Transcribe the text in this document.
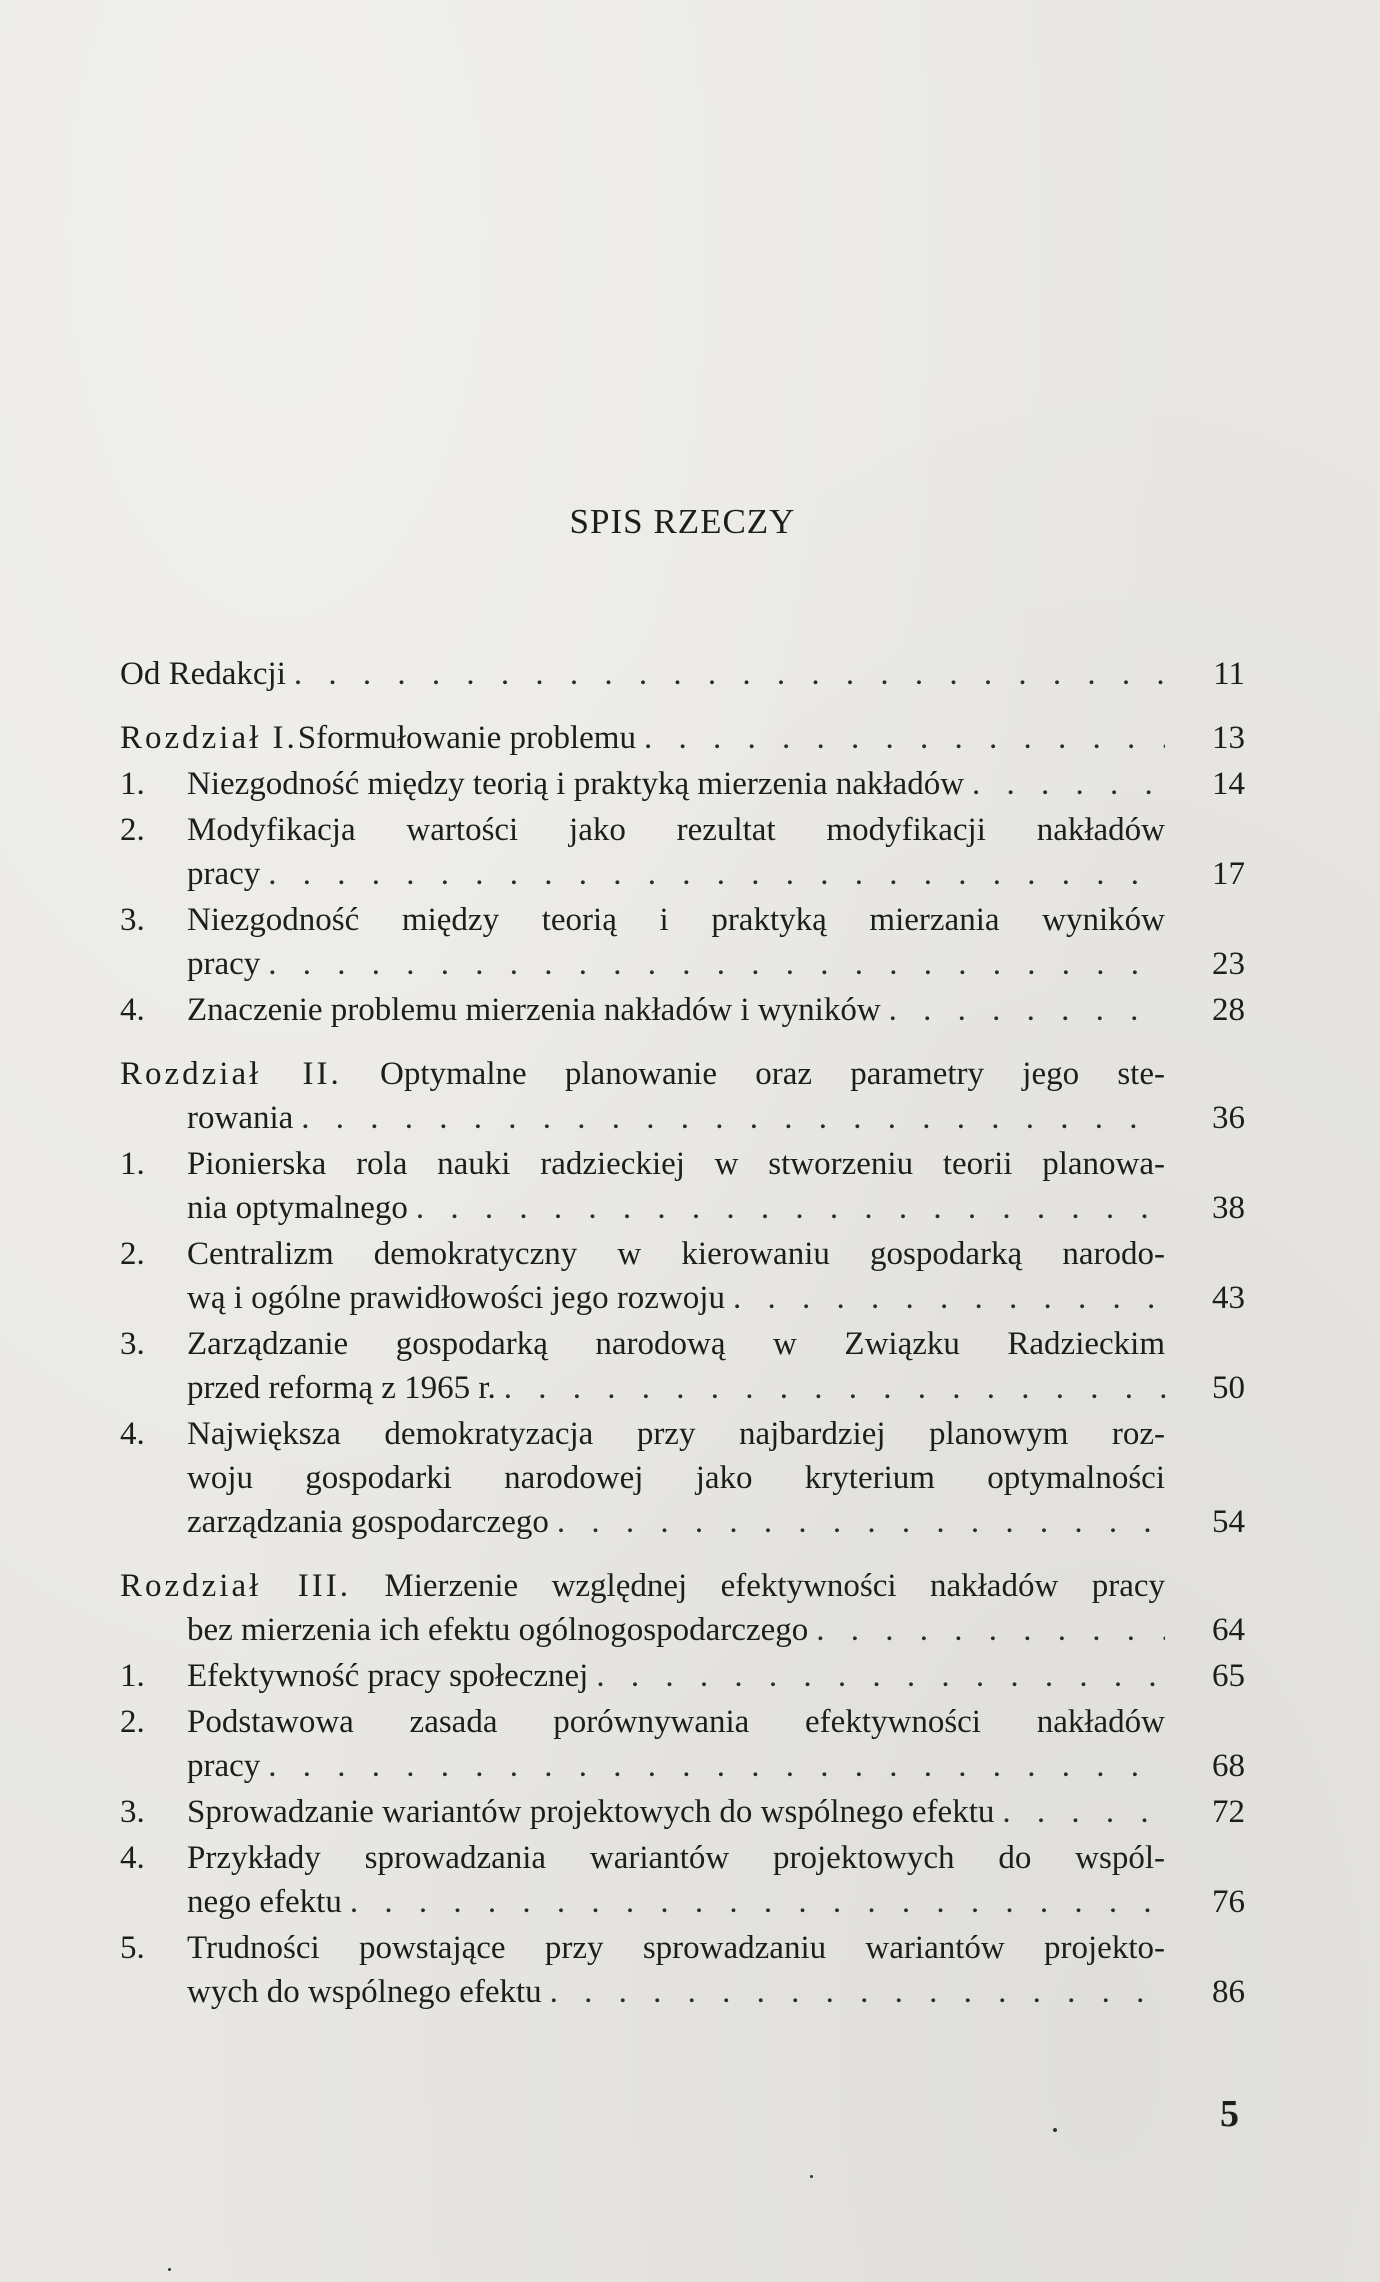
SPIS RZECZY
Od Redakcji . . .	11
Rozdział I. Sformułowanie problemu . . .	13
1.	Niezgodność między teorią i praktyką mierzenia nakładów . . .	14
2. Modyfikacja wartości jako rezultat modyfikacji nakładów
pracy . . .	17
3. Niezgodność między teorią i praktyką mierzania wyników
pracy . . .	23
4.	Znaczenie problemu mierzenia nakładów i wyników . . .	28
Rozdział II. Optymalne planowanie oraz parametry jego ste-
rowania . . .	36
1. Pionierska rola nauki radzieckiej w stworzeniu teorii planowa-
nia optymalnego . . .	38
2. Centralizm demokratyczny w kierowaniu gospodarką narodo-
wą i ogólne prawidłowości jego rozwoju . . .	43
3. Zarządzanie gospodarką narodową w Związku Radzieckim
przed reformą z 1965 r. . . .	50
4. Największa demokratyzacja przy najbardziej planowym roz-
woju gospodarki narodowej jako kryterium optymalności
zarządzania gospodarczego . . .	54
Rozdział III. Mierzenie względnej efektywności nakładów pracy
bez mierzenia ich efektu ogólnogospodarczego . . .	64
1.	Efektywność pracy społecznej . . .	65
2. Podstawowa zasada porównywania efektywności nakładów
pracy . . .	68
3.	Sprowadzanie wariantów projektowych do wspólnego efektu . . .	72
4. Przykłady sprowadzania wariantów projektowych do wspól-
nego efektu . . .	76
5. Trudności powstające przy sprowadzaniu wariantów projekto-
wych do wspólnego efektu . . .	86
5
